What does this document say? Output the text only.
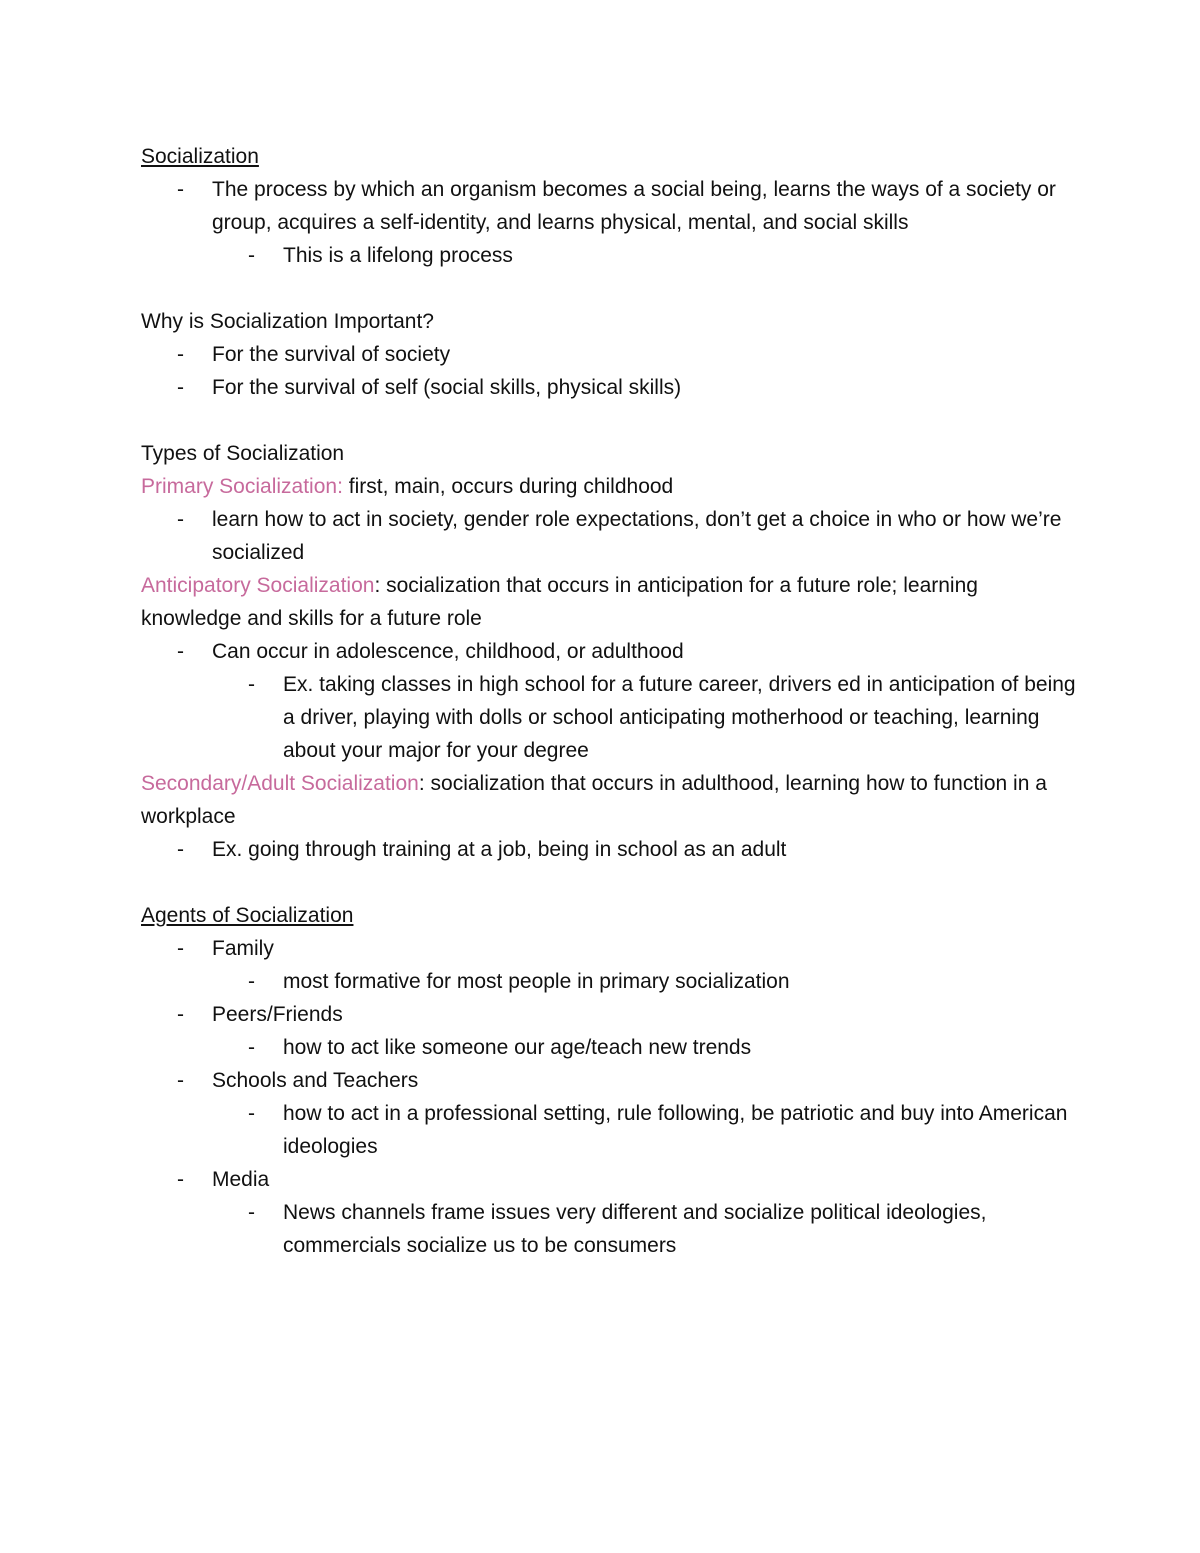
Socialization

- The process by which an organism becomes a social being, learns the ways of a society or group, acquires a self-identity, and learns physical, mental, and social skills

- This is a lifelong process

Why is Socialization Important?

- For the survival of society

- For the survival of self (social skills, physical skills)

Types of Socialization

Primary Socialization: first, main, occurs during childhood

- learn how to act in society, gender role expectations, don’t get a choice in who or how we’re socialized

Anticipatory Socialization: socialization that occurs in anticipation for a future role; learning knowledge and skills for a future role

- Can occur in adolescence, childhood, or adulthood

- Ex. taking classes in high school for a future career, drivers ed in anticipation of being a driver, playing with dolls or school anticipating motherhood or teaching, learning about your major for your degree

Secondary/Adult Socialization: socialization that occurs in adulthood, learning how to function in a workplace

- Ex. going through training at a job, being in school as an adult

Agents of Socialization

- Family

- most formative for most people in primary socialization

- Peers/Friends

- how to act like someone our age/teach new trends

- Schools and Teachers

- how to act in a professional setting, rule following, be patriotic and buy into American ideologies

- Media

- News channels frame issues very different and socialize political ideologies, commercials socialize us to be consumers
